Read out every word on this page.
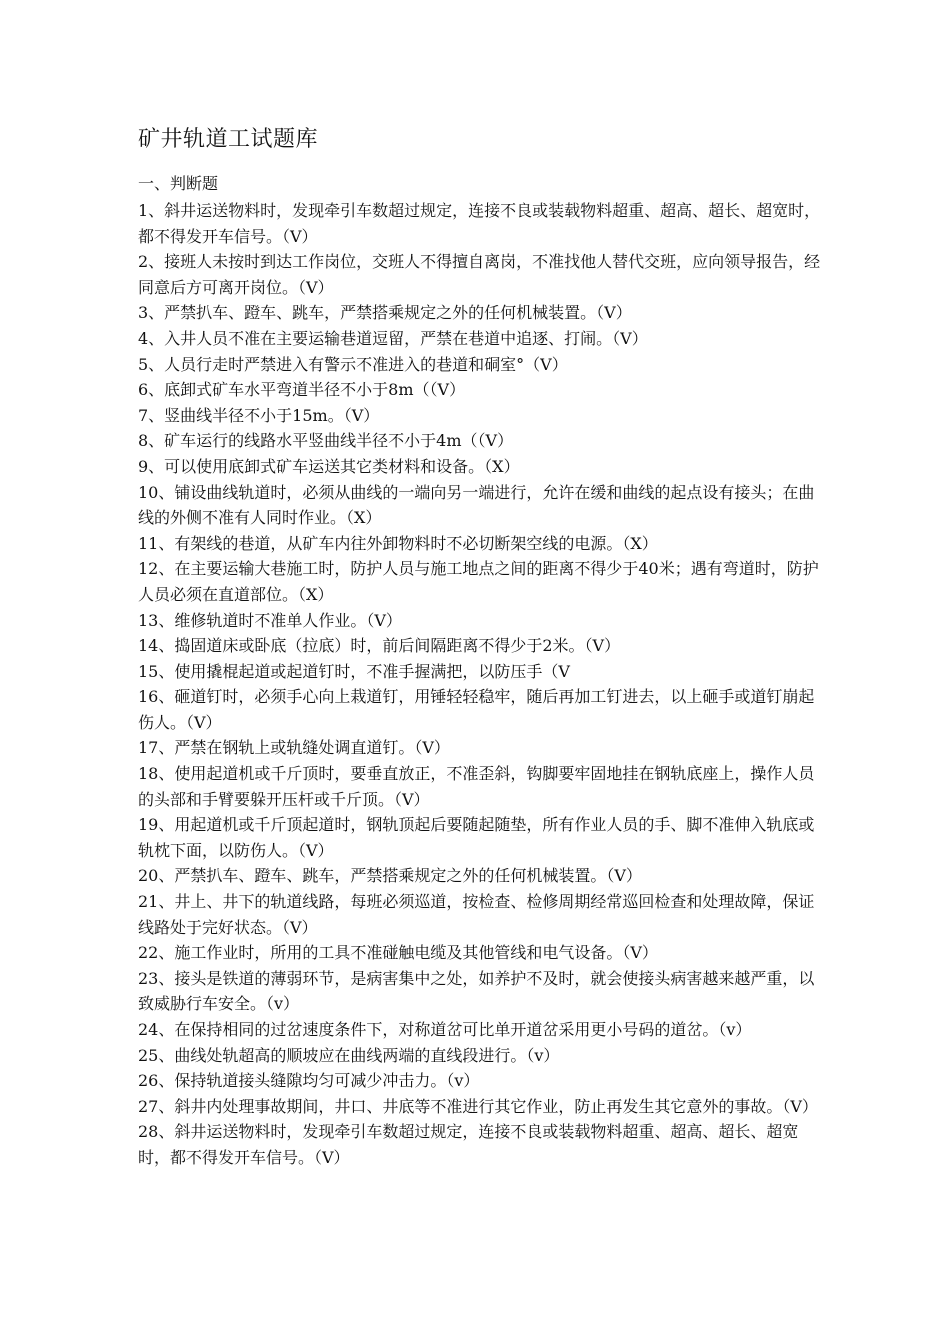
矿井轨道工试题库
一、判断题
1、斜井运送物料时，发现牵引车数超过规定，连接不良或装载物料超重、超高、超长、超宽时，都不得发开车信号。（V）
2、接班人未按时到达工作岗位，交班人不得擅自离岗，不准找他人替代交班，应向领导报告，经同意后方可离开岗位。（V）
3、严禁扒车、蹬车、跳车，严禁搭乘规定之外的任何机械装置。（V）
4、入井人员不准在主要运输巷道逗留，严禁在巷道中追逐、打闹。（V）
5、人员行走时严禁进入有警示不准进入的巷道和硐室°（V）
6、底卸式矿车水平弯道半径不小于8m（（V）
7、竖曲线半径不小于15m。（V）
8、矿车运行的线路水平竖曲线半径不小于4m（（V）
9、可以使用底卸式矿车运送其它类材料和设备。（X）
10、铺设曲线轨道时，必须从曲线的一端向另一端进行，允许在缓和曲线的起点设有接头；在曲线的外侧不准有人同时作业。（X）
11、有架线的巷道，从矿车内往外卸物料时不必切断架空线的电源。（X）
12、在主要运输大巷施工时，防护人员与施工地点之间的距离不得少于40米；遇有弯道时，防护人员必须在直道部位。（X）
13、维修轨道时不准单人作业。（V）
14、捣固道床或卧底（拉底）时，前后间隔距离不得少于2米。（V）
15、使用撬棍起道或起道钉时，不准手握满把，以防压手（V
16、砸道钉时，必须手心向上栽道钉，用锤轻轻稳牢，随后再加工钉进去，以上砸手或道钉崩起伤人。（V）
17、严禁在钢轨上或轨缝处调直道钉。（V）
18、使用起道机或千斤顶时，要垂直放正，不准歪斜，钩脚要牢固地挂在钢轨底座上，操作人员的头部和手臂要躲开压杆或千斤顶。（V）
19、用起道机或千斤顶起道时，钢轨顶起后要随起随垫，所有作业人员的手、脚不准伸入轨底或轨枕下面，以防伤人。（V）
20、严禁扒车、蹬车、跳车，严禁搭乘规定之外的任何机械装置。（V）
21、井上、井下的轨道线路，每班必须巡道，按检查、检修周期经常巡回检查和处理故障，保证线路处于完好状态。（V）
22、施工作业时，所用的工具不准碰触电缆及其他管线和电气设备。（V）
23、接头是铁道的薄弱环节，是病害集中之处，如养护不及时，就会使接头病害越来越严重，以致威胁行车安全。（v）
24、在保持相同的过岔速度条件下，对称道岔可比单开道岔采用更小号码的道岔。（v）
25、曲线处轨超高的顺坡应在曲线两端的直线段进行。（v）
26、保持轨道接头缝隙均匀可减少冲击力。（v）
27、斜井内处理事故期间，井口、井底等不准进行其它作业，防止再发生其它意外的事故。（V）
28、斜井运送物料时，发现牵引车数超过规定，连接不良或装载物料超重、超高、超长、超宽时，都不得发开车信号。（V）
